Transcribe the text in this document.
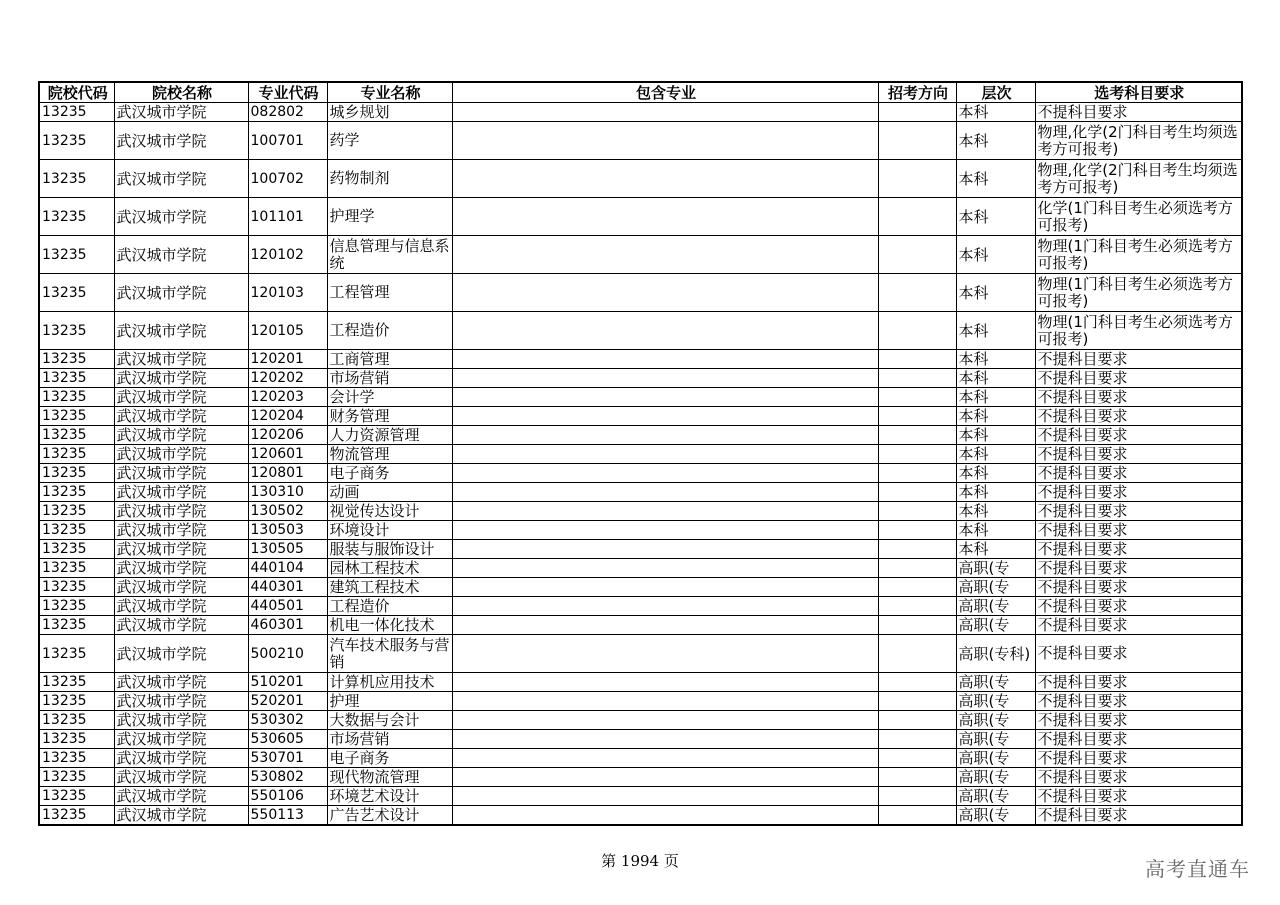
院校代码	院校名称	专业代码	专业名称	包含专业	招考方向	层次	选考科目要求
13235	武汉城市学院	082802	城乡规划			本科	不提科目要求
13235	武汉城市学院	100701	药学			本科	物理,化学(2门科目考生均须选考方可报考)
13235	武汉城市学院	100702	药物制剂			本科	物理,化学(2门科目考生均须选考方可报考)
13235	武汉城市学院	101101	护理学			本科	化学(1门科目考生必须选考方可报考)
13235	武汉城市学院	120102	信息管理与信息系统			本科	物理(1门科目考生必须选考方可报考)
13235	武汉城市学院	120103	工程管理			本科	物理(1门科目考生必须选考方可报考)
13235	武汉城市学院	120105	工程造价			本科	物理(1门科目考生必须选考方可报考)
13235	武汉城市学院	120201	工商管理			本科	不提科目要求
13235	武汉城市学院	120202	市场营销			本科	不提科目要求
13235	武汉城市学院	120203	会计学			本科	不提科目要求
13235	武汉城市学院	120204	财务管理			本科	不提科目要求
13235	武汉城市学院	120206	人力资源管理			本科	不提科目要求
13235	武汉城市学院	120601	物流管理			本科	不提科目要求
13235	武汉城市学院	120801	电子商务			本科	不提科目要求
13235	武汉城市学院	130310	动画			本科	不提科目要求
13235	武汉城市学院	130502	视觉传达设计			本科	不提科目要求
13235	武汉城市学院	130503	环境设计			本科	不提科目要求
13235	武汉城市学院	130505	服装与服饰设计			本科	不提科目要求
13235	武汉城市学院	440104	园林工程技术			高职(专	不提科目要求
13235	武汉城市学院	440301	建筑工程技术			高职(专	不提科目要求
13235	武汉城市学院	440501	工程造价			高职(专	不提科目要求
13235	武汉城市学院	460301	机电一体化技术			高职(专	不提科目要求
13235	武汉城市学院	500210	汽车技术服务与营销			高职(专科)	不提科目要求
13235	武汉城市学院	510201	计算机应用技术			高职(专	不提科目要求
13235	武汉城市学院	520201	护理			高职(专	不提科目要求
13235	武汉城市学院	530302	大数据与会计			高职(专	不提科目要求
13235	武汉城市学院	530605	市场营销			高职(专	不提科目要求
13235	武汉城市学院	530701	电子商务			高职(专	不提科目要求
13235	武汉城市学院	530802	现代物流管理			高职(专	不提科目要求
13235	武汉城市学院	550106	环境艺术设计			高职(专	不提科目要求
13235	武汉城市学院	550113	广告艺术设计			高职(专	不提科目要求
第 1994 页	高考直通车
